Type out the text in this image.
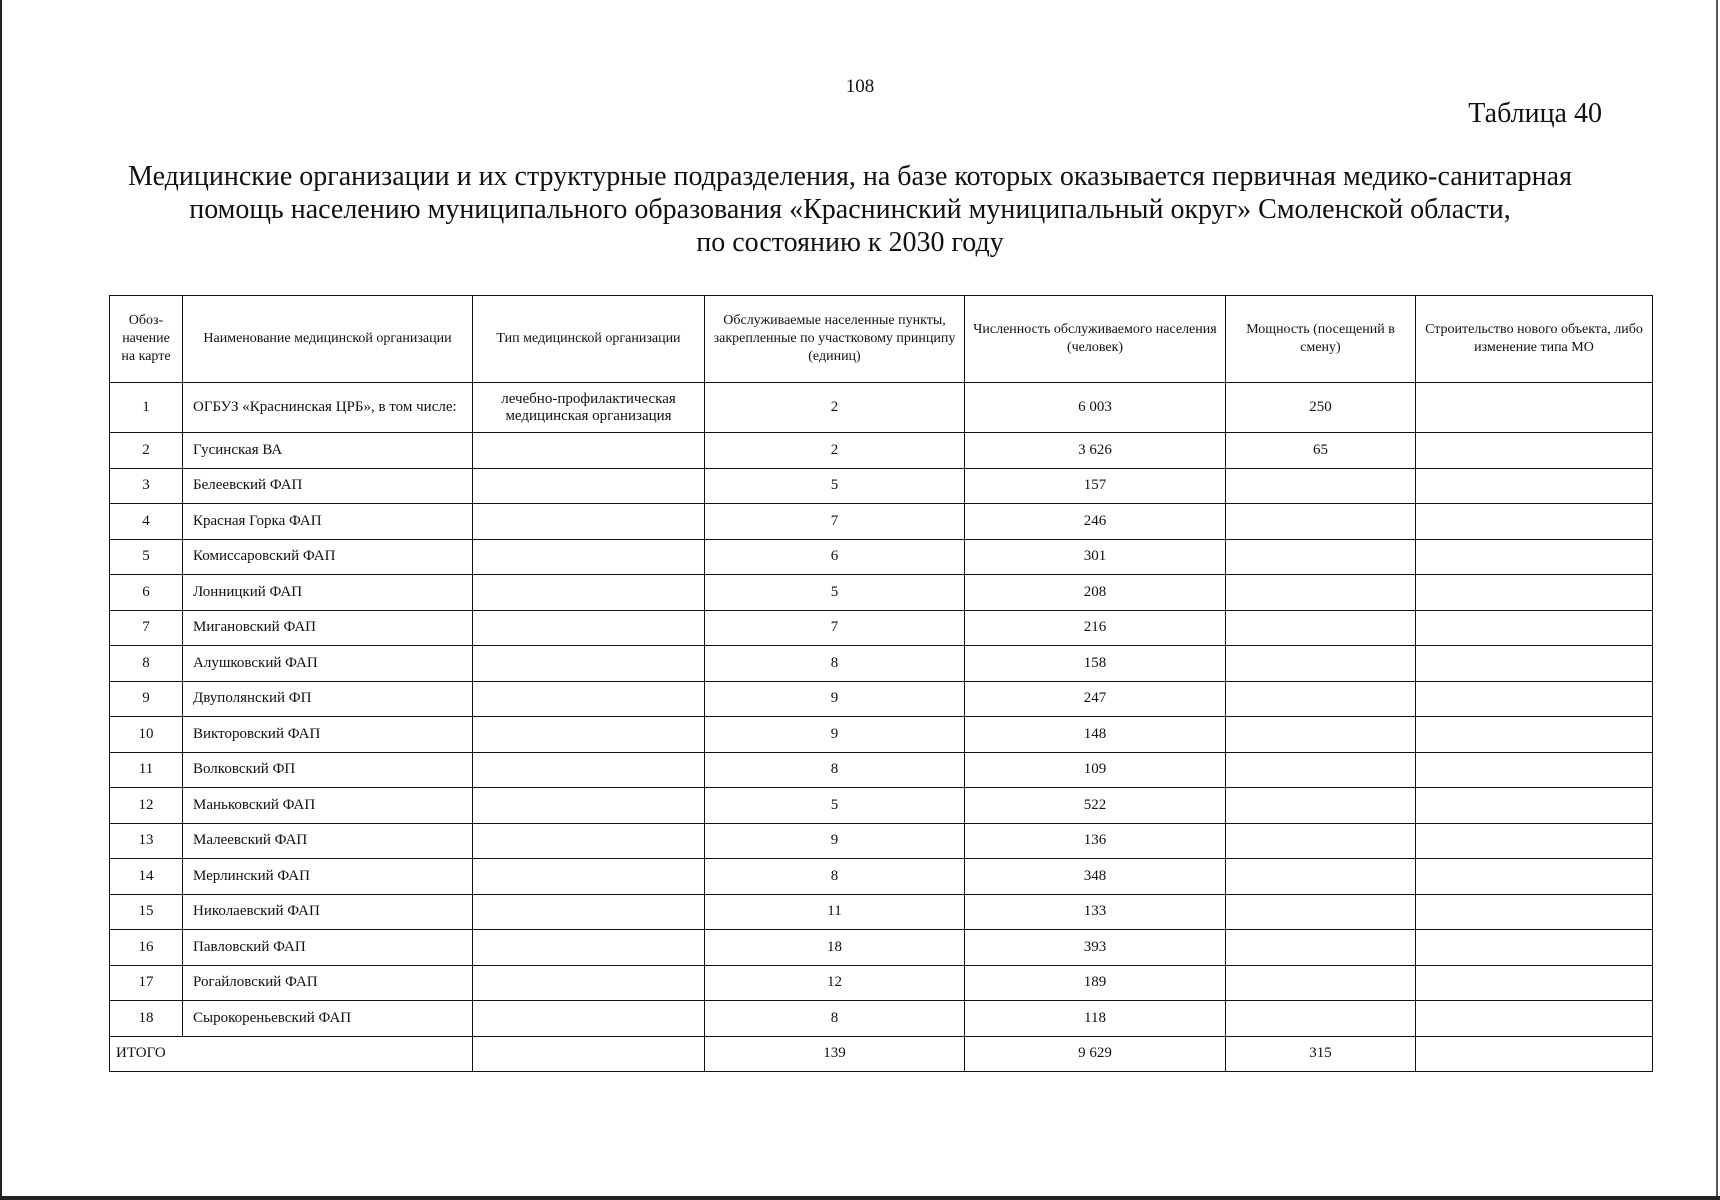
108
Таблица 40
Медицинские организации и их структурные подразделения, на базе которых оказывается первичная медико-санитарная
помощь населению муниципального образования «Краснинский муниципальный округ» Смоленской области,
по состоянию к 2030 году
Обоз-начение на карте	Наименование медицинской организации	Тип медицинской организации	Обслуживаемые населенные пункты, закрепленные по участковому принципу (единиц)	Численность обслуживаемого населения (человек)	Мощность (посещений в смену)	Строительство нового объекта, либо изменение типа МО
1	ОГБУЗ «Краснинская ЦРБ», в том числе:	лечебно-профилактическая медицинская организация	2	6 003	250	
2	Гусинская ВА		2	3 626	65	
3	Белеевский ФАП		5	157		
4	Красная Горка ФАП		7	246		
5	Комиссаровский ФАП		6	301		
6	Лонницкий ФАП		5	208		
7	Миган​овский ФАП		7	216		
8	Алушковский ФАП		8	158		
9	Двуполянский ФП		9	247		
10	Викторовский ФАП		9	148		
11	Волковский ФП		8	109		
12	Маньковский ФАП		5	522		
13	Малеевский ФАП		9	136		
14	Мерлинский ФАП		8	348		
15	Николаевский ФАП		11	133		
16	Павловский ФАП		18	393		
17	Рогайловский ФАП		12	189		
18	Сырокореньевский ФАП		8	118		
ИТОГО			139	9 629	315	
